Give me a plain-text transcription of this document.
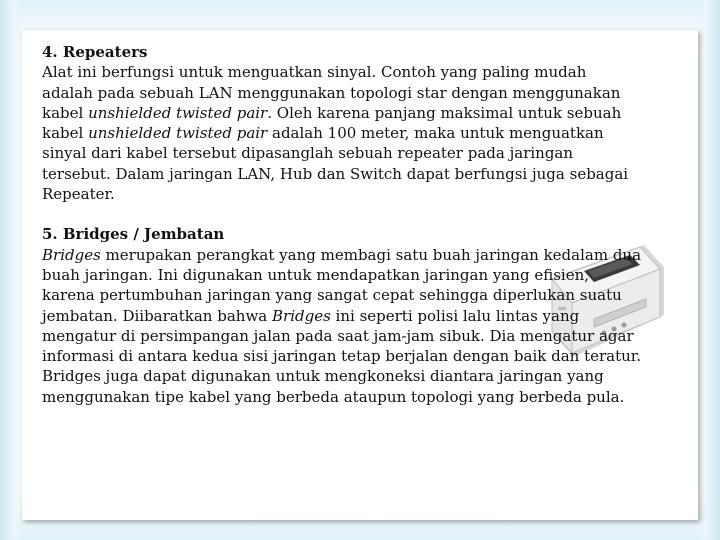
4. Repeaters

Alat ini berfungsi untuk menguatkan sinyal. Contoh yang paling mudah adalah pada sebuah LAN menggunakan topologi star dengan menggunakan kabel unshielded twisted pair. Oleh karena panjang maksimal untuk sebuah kabel unshielded twisted pair adalah 100 meter, maka untuk menguatkan sinyal dari kabel tersebut dipasanglah sebuah repeater pada jaringan tersebut. Dalam jaringan LAN, Hub dan Switch dapat berfungsi juga sebagai Repeater.

5. Bridges / Jembatan

Bridges merupakan perangkat yang membagi satu buah jaringan kedalam dua buah jaringan. Ini digunakan untuk mendapatkan jaringan yang efisien, karena pertumbuhan jaringan yang sangat cepat sehingga diperlukan suatu jembatan. Diibaratkan bahwa Bridges ini seperti polisi lalu lintas yang mengatur di persimpangan jalan pada saat jam-jam sibuk. Dia mengatur agar informasi di antara kedua sisi jaringan tetap berjalan dengan baik dan teratur. Bridges juga dapat digunakan untuk mengkoneksi diantara jaringan yang menggunakan tipe kabel yang berbeda ataupun topologi yang berbeda pula.
